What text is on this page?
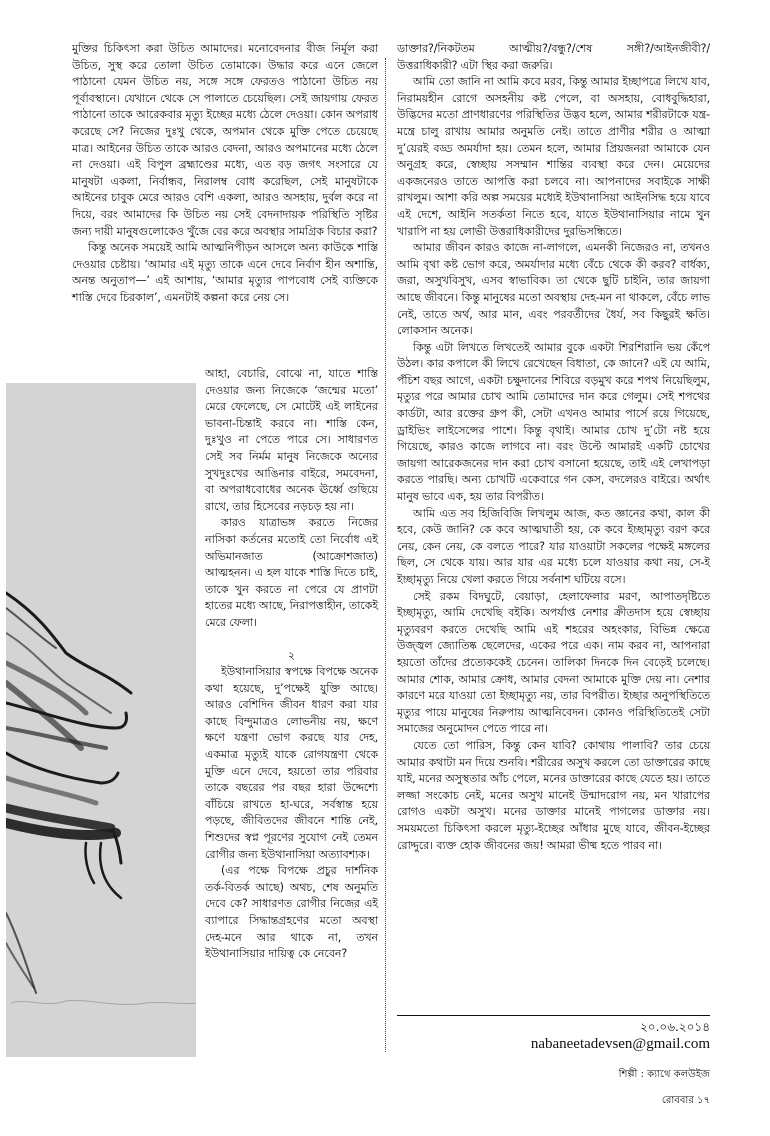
মুক্তির চিকিৎসা করা উচিত আমাদের। মনোবেদনার বীজ নির্মূল করা উচিত, সুস্থ করে তোলা উচিত তোমাকে। উদ্ধার করে এনে জেলে পাঠানো যেমন উচিত নয়, সঙ্গে সঙ্গে ফেরতও পাঠানো উচিত নয় পূর্বাবস্থানে। যেখানে থেকে সে পালাতে চেয়েছিল। সেই জায়গায় ফেরত পাঠানো তাকে আরেকবার মৃত্যু ইচ্ছের মধ্যে ঠেলে দেওয়া। কোন অপরাধ করেছে সে? নিজের দুঃখু থেকে, অপমান থেকে মুক্তি পেতে চেয়েছে মাত্র। আইনের উচিত তাকে আরও বেদনা, আরও অপমানের মধ্যে ঠেলে না দেওয়া। এই বিপুল ব্রহ্মাণ্ডের মধ্যে, এত বড় জগৎ সংসারে যে মানুষটা একলা, নির্বান্ধব, নিরালম্ব বোধ করেছিল, সেই মানুষটাকে আইনের চাবুক মেরে আরও বেশি একলা, আরও অসহায়, দুর্বল করে না দিয়ে, বরং আমাদের কি উচিত নয় সেই বেদনাদায়ক পরিস্থিতি সৃষ্টির জন্য দায়ী মানুষগুলোকেও খুঁজে বের করে অবস্থার সামগ্রিক বিচার করা?

কিন্তু অনেক সময়েই আমি আত্মনিপীড়ন আসলে অন্য কাউকে শাস্তি দেওয়ার চেষ্টায়। ‘আমার এই মৃত্যু তাকে এনে দেবে নির্বাণ হীন অশান্তি, অনন্ত অনুতাপ—’ এই আশায়, ‘আমার মৃত্যুর পাপবোধ সেই ব্যক্তিকে শাস্তি দেবে চিরকাল’, এমনটাই কল্পনা করে নেয় সে।

আহা, বেচারি, বোঝে না, যাতে শাস্তি দেওয়ার জন্য নিজেকে ‘জন্মের মতো’ মেরে ফেলেছে, সে মোটেই এই লাইনের ভাবনা-চিন্তাই করবে না। শাস্তি কেন, দুঃখুও না পেতে পারে সে। সাধারণত সেই সব নির্মম মানুষ নিজেকে অন্যের সুখদুঃখের আঙিনার বাইরে, সমবেদনা, বা অপরাধবোধের অনেক ঊর্ধ্বে গুছিয়ে রাখে, তার হিসেবের নড়চড় হয় না।

কারও যাত্রাভঙ্গ করতে নিজের নাসিকা কর্তনের মতোই তো নির্বোধ এই অভিমানজাত (আক্রোশজাত) আত্মহনন। এ হল যাকে শাস্তি দিতে চাই, তাকে খুন করতে না পেরে যে প্রাণটা হাতের মধ্যে আছে, নিরাপত্তাহীন, তাকেই মেরে ফেলা।

২

ইউথানাসিয়ার স্বপক্ষে বিপক্ষে অনেক কথা হয়েছে, দু’পক্ষেই যুক্তি আছে। আরও বেশিদিন জীবন ধারণ করা যার কাছে বিন্দুমাত্রও লোভনীয় নয়, ক্ষণে ক্ষণে যন্ত্রণা ভোগ করছে যার দেহ, একমাত্র মৃত্যুই যাকে রোগযন্ত্রণা থেকে মুক্তি এনে দেবে, হয়তো তার পরিবার তাকে বছরের পর বছর হারা উদ্দেশ্যে বাঁচিয়ে রাখতে হা-ঘরে, সর্বস্বান্ত হয়ে পড়ছে, জীবিতদের জীবনে শান্তি নেই, শিশুদের স্বপ্ন পূরণের সুযোগ নেই তেমন রোগীর জন্য ইউথানাসিয়া অত্যাবশ্যক।

(এর পক্ষে বিপক্ষে প্রচুর দার্শনিক তর্ক-বিতর্ক আছে) অথচ, শেষ অনুমতি দেবে কে? সাধারণত রোগীর নিজের এই ব্যাপারে সিদ্ধান্তগ্রহণের মতো অবস্থা দেহ-মনে আর থাকে না, তখন ইউথানাসিয়ার দায়িত্ব কে নেবেন?

ডাক্তার?/নিকটতম আত্মীয়?/বন্ধু?/শেষ সঙ্গী?/আইনজীবী?/ উত্তরাধিকারী? এটা স্থির করা জরুরি।

আমি তো জানি না আমি কবে মরব, কিন্তু আমার ইচ্ছাপত্রে লিখে যাব, নিরাময়হীন রোগে অসহনীয় কষ্ট পেলে, বা অসহায়, বোধবুদ্ধিহারা, উদ্ভিদের মতো প্রাণধারণের পরিস্থিতির উদ্ভব হলে, আমার শরীরটাকে যন্ত্র-মন্ত্রে চালু রাখায় আমার অনুমতি নেই। তাতে প্রাণীর শরীর ও আত্মা দু’য়েরই বড্ড অমর্যাদা হয়। তেমন হলে, আমার প্রিয়জনরা আমাকে যেন অনুগ্রহ করে, স্বেচ্ছায় সসম্মান শান্তির ব্যবস্থা করে দেন। মেয়েদের একজনেরও তাতে আপত্তি করা চলবে না। আপনাদের সবাইকে সাক্ষী রাখলুম। আশা করি অল্প সময়ের মধ্যেই ইউথানাসিয়া আইনসিদ্ধ হয়ে যাবে এই দেশে, আইনি সতর্কতা নিতে হবে, যাতে ইউথানাসিয়ার নামে খুন খারাপি না হয় লোভী উত্তরাধিকারীদের দুরভিসন্ধিতে।

আমার জীবন কারও কাজে না-লাগলে, এমনকী নিজেরও না, তখনও আমি বৃথা কষ্ট ভোগ করে, অমর্যাদার মধ্যে বেঁচে থেকে কী করব? বার্ধক্য, জরা, অসুখবিসুখ, এসব স্বাভাবিক। তা থেকে ছুটি চাইনি, তার জায়গা আছে জীবনে। কিন্তু মানুষের মতো অবস্থায় দেহ-মন না থাকলে, বেঁচে লাভ নেই, তাতে অর্থ, আর মান, এবং পরবর্তীদের ধৈর্য, সব কিছুরই ক্ষতি। লোকসান অনেক।

কিন্তু এটা লিখতে লিখতেই আমার বুকে একটা শিরশিরানি ভয় কেঁপে উঠল। কার কপালে কী লিখে রেখেছেন বিধাতা, কে জানে? এই যে আমি, পঁচিশ বছর আগে, একটা চক্ষুদানের শিবিরে বড়মুখ করে শপথ নিয়েছিলুম, মৃত্যুর পরে আমার চোখ আমি তোমাদের দান করে গেলুম। সেই শপথের কার্ডটা, আর রক্তের গ্রুপ কী, সেটা এখনও আমার পার্সে রয়ে গিয়েছে, ড্রাইভিং লাইসেন্সের পাশে। কিন্তু বৃথাই। আমার চোখ দু’টো নষ্ট হয়ে গিয়েছে, কারও কাজে লাগবে না। বরং উল্টে আমারই একটি চোখের জায়গা আরেকজনের দান করা চোখ বসানো হয়েছে, তাই এই লেখাপড়া করতে পারছি। অন্য চোখটি একেবারে গন কেস, বদলেরও বাইরে। অর্থাৎ মানুষ ভাবে এক, হয় তার বিপরীত।

আমি এত সব হিজিবিজি লিখলুম আজ, কত জ্ঞানের কথা, কাল কী হবে, কেউ জানি? কে কবে আত্মঘাতী হয়, কে কবে ইচ্ছামৃত্যু বরণ করে নেয়, কেন নেয়, কে বলতে পারে? যার যাওয়াটা সকলের পক্ষেই মঙ্গলের ছিল, সে থেকে যায়। আর যার এর মধ্যে চলে যাওয়ার কথা নয়, সে-ই ইচ্ছামৃত্যু নিয়ে খেলা করতে গিয়ে সর্বনাশ ঘটিয়ে বসে।

সেই রকম বিদঘুটে, বেয়াড়া, হেলাফেলার মরণ, আপাতদৃষ্টিতে ইচ্ছামৃত্যু, আমি দেখেছি বইকি। অপর্যাপ্ত নেশার ক্রীতদাস হয়ে স্বেচ্ছায় মৃত্যুবরণ করতে দেখেছি আমি এই শহরের অহংকার, বিভিন্ন ক্ষেত্রে উজ্জ্বল জ্যোতিষ্ক ছেলেদের, একের পরে এক। নাম করব না, আপনারা হয়তো তাঁদের প্রত্যেককেই চেনেন। তালিকা দিনকে দিন বেড়েই চলেছে। আমার শোক, আমার ক্রোধ, আমার বেদনা আমাকে মুক্তি দেয় না। নেশার কারণে মরে যাওয়া তো ইচ্ছামৃত্যু নয়, তার বিপরীত। ইচ্ছার অনুপস্থিতিতে মৃত্যুর পায়ে মানুষের নিরুপায় আত্মনিবেদন। কোনও পরিস্থিতিতেই সেটা সমাজের অনুমোদন পেতে পারে না।

যেতে তো পারিস, কিন্তু কেন যাবি? কোথায় পালাবি? তার চেয়ে আমার কথাটা মন দিয়ে শুনবি। শরীরের অসুখ করলে তো ডাক্তারের কাছে যাই, মনের অসুস্থতার আঁচ পেলে, মনের ডাক্তারের কাছে যেতে হয়। তাতে লজ্জা সংকোচ নেই, মনের অসুখ মানেই উন্মাদরোগ নয়, মন খারাপের রোগও একটা অসুখ। মনের ডাক্তার মানেই পাগলের ডাক্তার নয়। সময়মতো চিকিৎসা করলে মৃত্যু-ইচ্ছের আঁধার মুছে যাবে, জীবন-ইচ্ছের রোদ্দুরে। ব্যক্ত হোক জীবনের জয়! আমরা ভীষ্ম হতে পারব না।

২০.০৬.২০১৪
nabaneetadevsen@gmail.com
শিল্পী : ক্যাথে কলউইজ
রোববার ১৭
